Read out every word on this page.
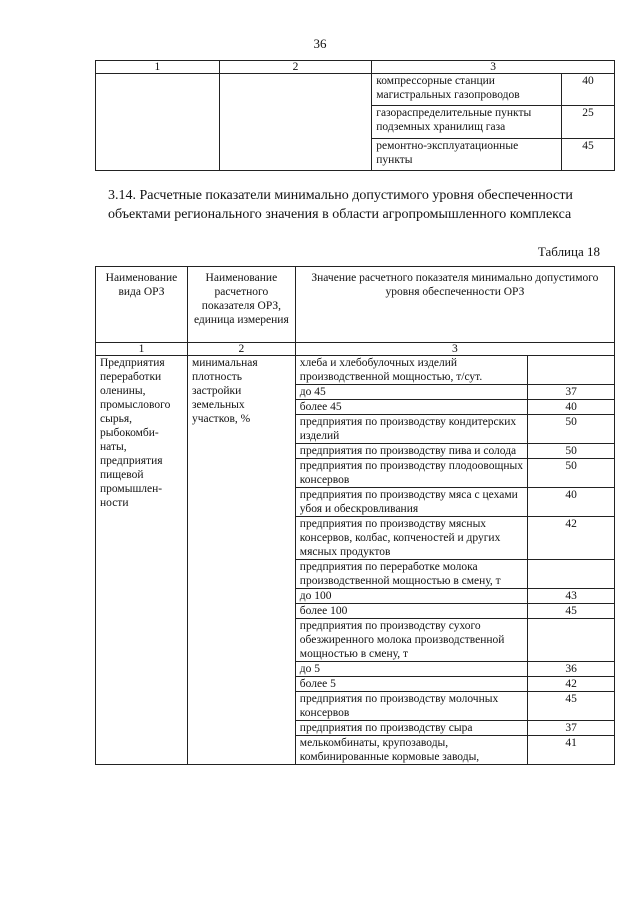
36
1	2	3	
		компрессорные станции магистральных газопроводов	40
		газораспределительные пункты подземных хранилищ газа	25
		ремонтно-эксплуатационные пункты	45
3.14. Расчетные показатели минимально допустимого уровня обеспеченности объектами регионального значения в области агропромышленного комплекса
Таблица 18
Наименование вида ОРЗ	Наименование расчетного показателя ОРЗ, единица измерения	Значение расчетного показателя минимально допустимого уровня обеспеченности ОРЗ	
1	2	3	
Предприятия переработки оленины, промыслового сырья, рыбокомби-наты, предприятия пищевой промышлен-ности	минимальная плотность застройки земельных участков, %	хлеба и хлебобулочных изделий производственной мощностью, т/сут.	
		до 45	37
		более 45	40
		предприятия по производству кондитерских изделий	50
		предприятия по производству пива и солода	50
		предприятия по производству плодоовощных консервов	50
		предприятия по производству мяса с цехами убоя и обескровливания	40
		предприятия по производству мясных консервов, колбас, копченостей и других мясных продуктов	42
		предприятия по переработке молока производственной мощностью в смену, т	
		до 100	43
		более 100	45
		предприятия по производству сухого обезжиренного молока производственной мощностью в смену, т	
		до 5	36
		более 5	42
		предприятия по производству молочных консервов	45
		предприятия по производству сыра	37
		мелькомбинаты, крупозаводы, комбинированные кормовые заводы,	41
